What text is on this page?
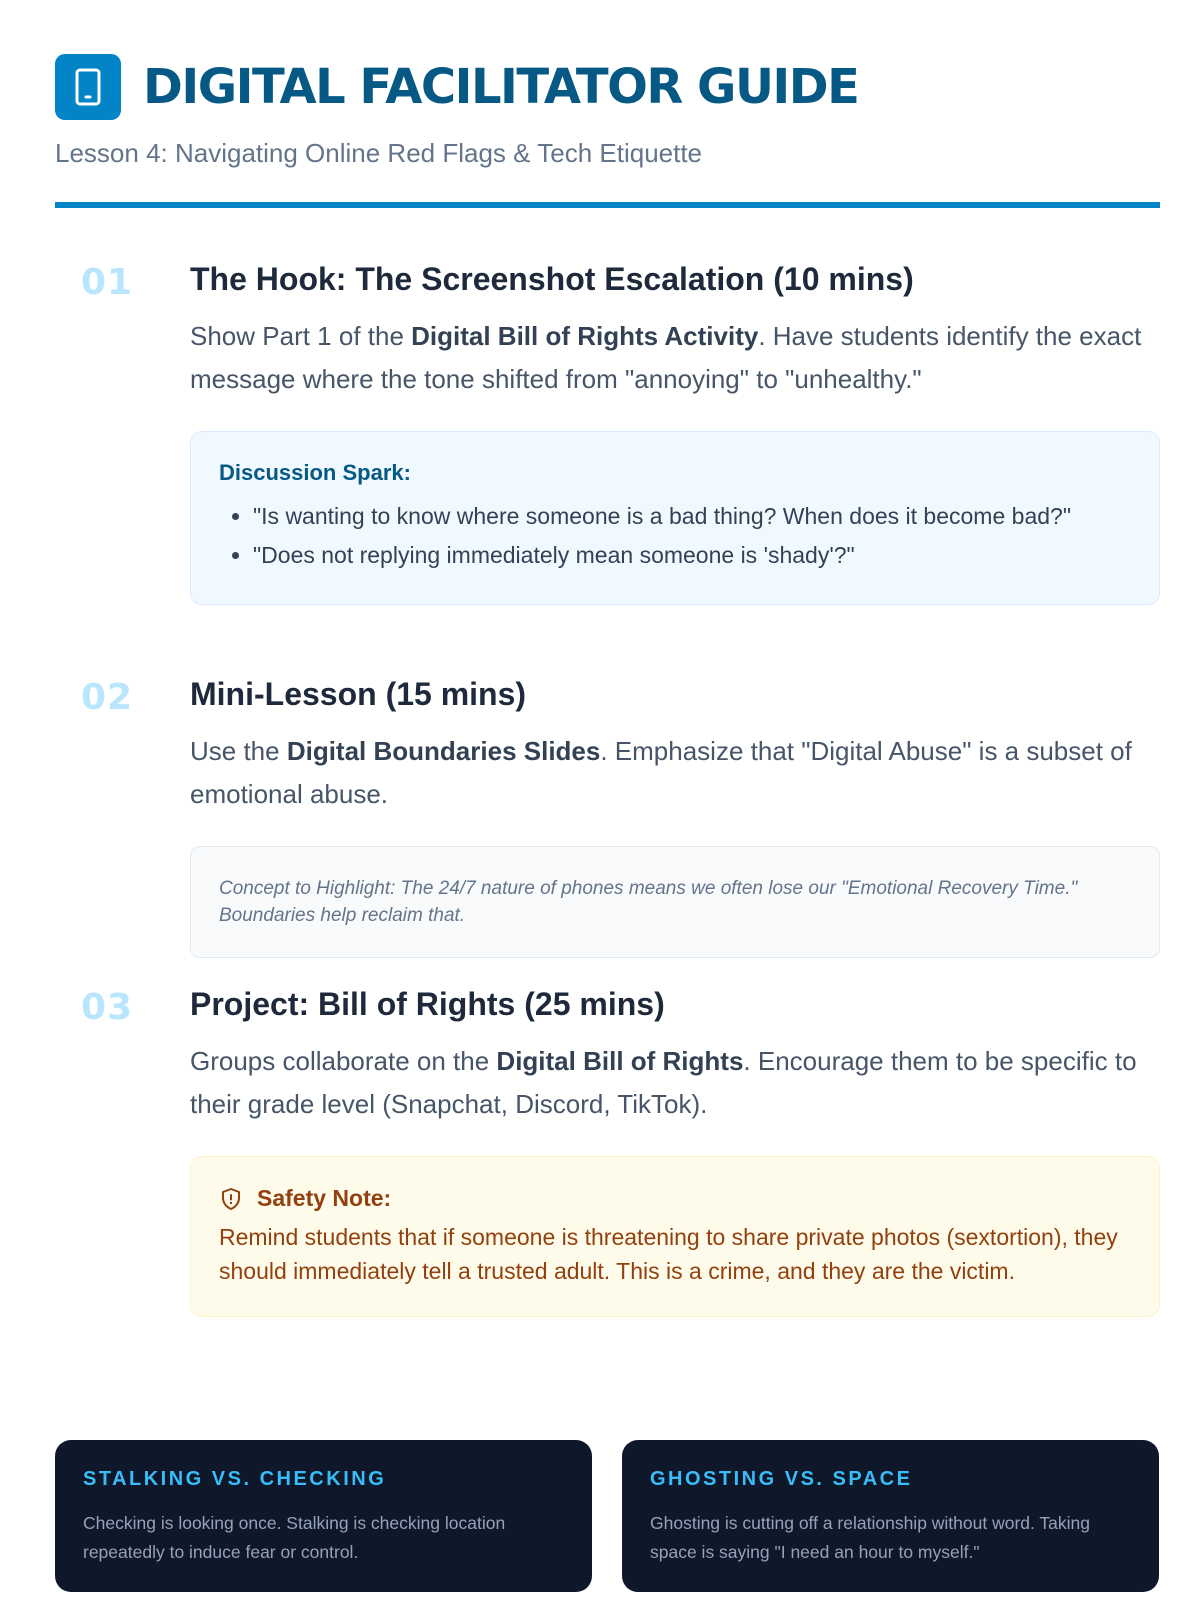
DIGITAL FACILITATOR GUIDE
Lesson 4: Navigating Online Red Flags & Tech Etiquette
01 The Hook: The Screenshot Escalation (10 mins)

Show Part 1 of the Digital Bill of Rights Activity. Have students identify the exact message where the tone shifted from "annoying" to "unhealthy."

Discussion Spark:
• "Is wanting to know where someone is a bad thing? When does it become bad?"
• "Does not replying immediately mean someone is 'shady'?"
02 Mini-Lesson (15 mins)

Use the Digital Boundaries Slides. Emphasize that "Digital Abuse" is a subset of emotional abuse.

Concept to Highlight: The 24/7 nature of phones means we often lose our "Emotional Recovery Time." Boundaries help reclaim that.
03 Project: Bill of Rights (25 mins)

Groups collaborate on the Digital Bill of Rights. Encourage them to be specific to their grade level (Snapchat, Discord, TikTok).

Safety Note:
Remind students that if someone is threatening to share private photos (sextortion), they should immediately tell a trusted adult. This is a crime, and they are the victim.
STALKING VS. CHECKING
Checking is looking once. Stalking is checking location repeatedly to induce fear or control.
GHOSTING VS. SPACE
Ghosting is cutting off a relationship without word. Taking space is saying "I need an hour to myself."
